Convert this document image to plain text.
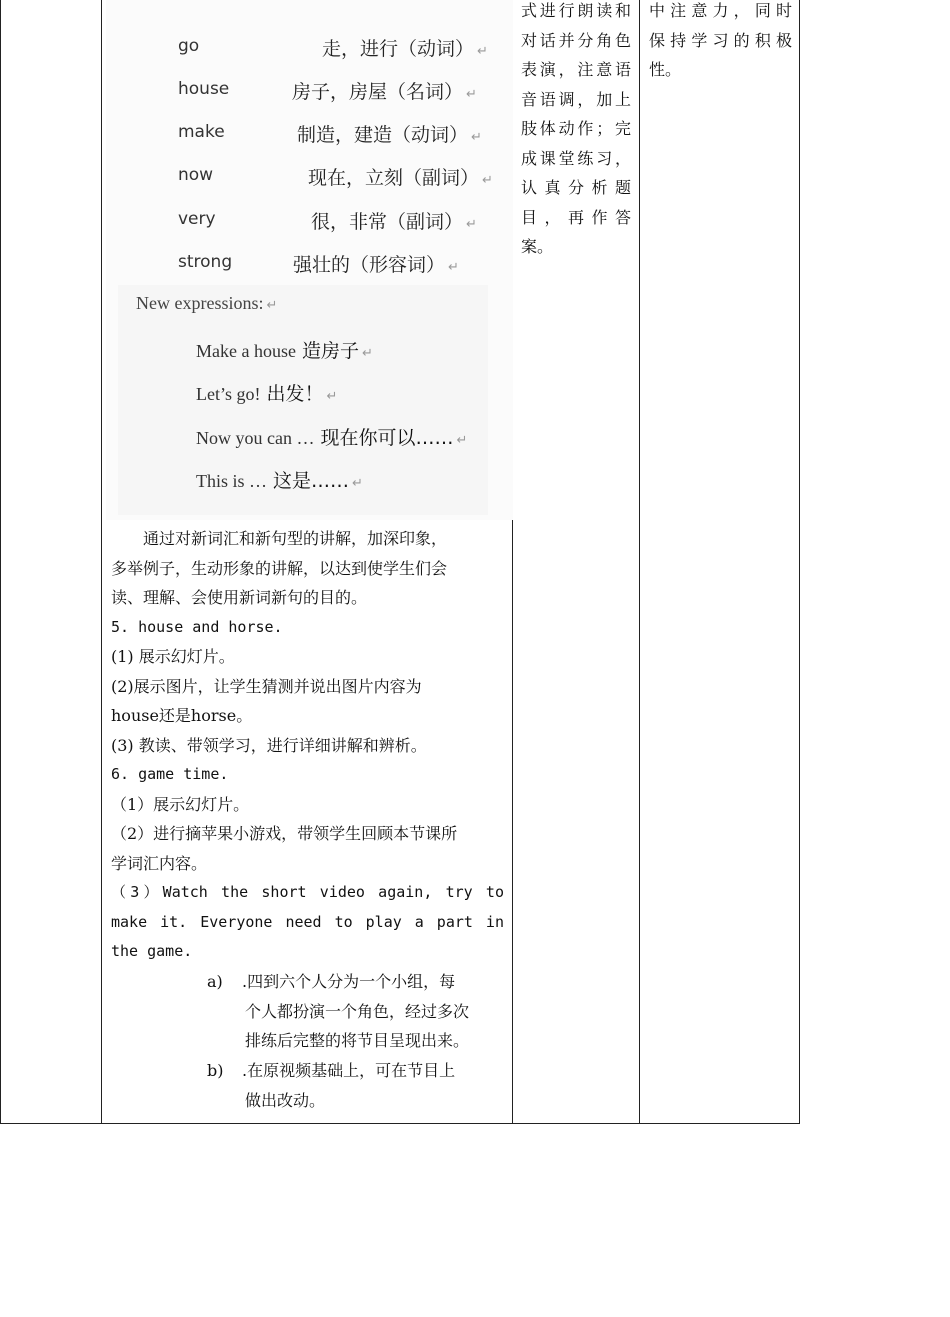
go	走，进行（动词） ↵
house	房子，房屋（名词） ↵
make	制造，建造（动词） ↵
now	现在，立刻（副词） ↵
very	很，非常（副词） ↵
strong	强壮的（形容词） ↵
New expressions: ↵
Make a house 造房子 ↵
Let’s go! 出发！ ↵
Now you can … 现在你可以…… ↵
This is … 这是…… ↵

通过对新词汇和新句型的讲解，加深印象，

多举例子，生动形象的讲解，以达到使学生们会

读、理解、会使用新词新句的目的。

5. house and horse.

(1) 展示幻灯片。

(2)展示图片，让学生猜测并说出图片内容为

house还是horse。

(3) 教读、带领学习，进行详细讲解和辨析。

6. game time.

（1）展示幻灯片。

（2）进行摘苹果小游戏，带领学生回顾本节课所

学词汇内容。

（3）Watch the short video again, try to

make it. Everyone need to play a part in

the game.

a) .四到六个人分为一个小组，每
个人都扮演一个角色，经过多次
排练后完整的将节目呈现出来。
b) .在原视频基础上，可在节目上
做出改动。
式进行朗读和
对话并分角色
表演，注意语
音语调，加上
肢体动作；完
成课堂练习，
认真分析题
目，再作答
案。
中注意力，同时
保持学习的积极
性。
